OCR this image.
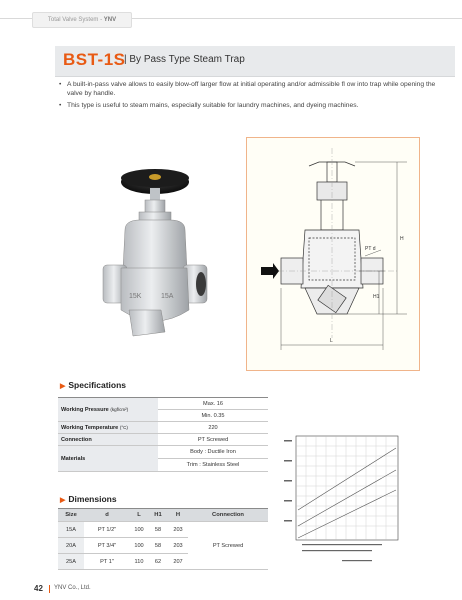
Total Valve System - YNV
BST-1S
| By Pass Type Steam Trap
• A built-in-pass valve allows to easily blow-off larger flow at initial operating and/or admissible fl ow into trap while opening the valve by handle.
• This type is useful to steam mains, especially suitable for laundry machines, and dyeing machines.
15K	15A
PT d
L
H
H1
▶ Specifications
Working Pressure (kgf/cm²)	Max. 16
	Min. 0.35
Working Temperature (°C)	220
Connection	PT Screwed
Materials	Body : Ductile Iron
	Trim : Stainless Steel
▶ Dimensions
Size	d	L	H1	H	Connection
15A	PT 1/2"	100	58	203	PT Screwed
20A	PT 3/4"	100	58	203	
25A	PT 1"	110	62	207	
42 YNV Co., Ltd.
